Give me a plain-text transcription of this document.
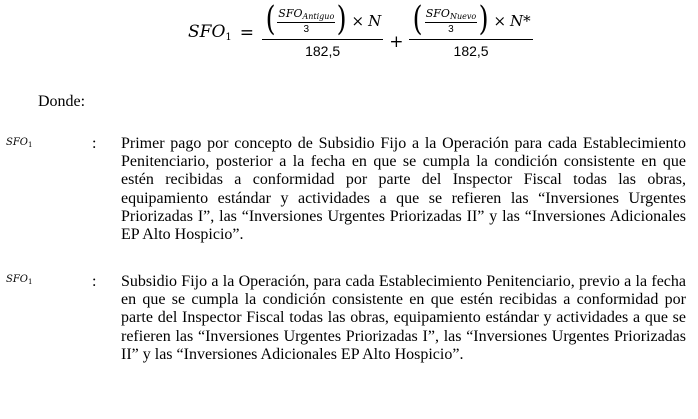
$SFO_1$ = ( $\frac{SFO_{Antiguo}}{3}$ ) × N
182,5	+
( $\frac{SFO_{Nuevo}}{3}$ ) × N*
182,5
Donde:
$SFO_1$	: Primer pago por concepto de Subsidio Fijo a la Operación para cada Establecimiento Penitenciario, posterior a la fecha en que se cumpla la condición consistente en que estén recibidas a conformidad por parte del Inspector Fiscal todas las obras, equipamiento estándar y actividades a que se refieren las “Inversiones Urgentes Priorizadas I”, las “Inversiones Urgentes Priorizadas II” y las “Inversiones Adicionales EP Alto Hospicio”.
$SFO_1$	: Subsidio Fijo a la Operación, para cada Establecimiento Penitenciario, previo a la fecha en que se cumpla la condición consistente en que estén recibidas a conformidad por parte del Inspector Fiscal todas las obras, equipamiento estándar y actividades a que se refieren las “Inversiones Urgentes Priorizadas I”, las “Inversiones Urgentes Priorizadas II” y las “Inversiones Adicionales EP Alto Hospicio”.
